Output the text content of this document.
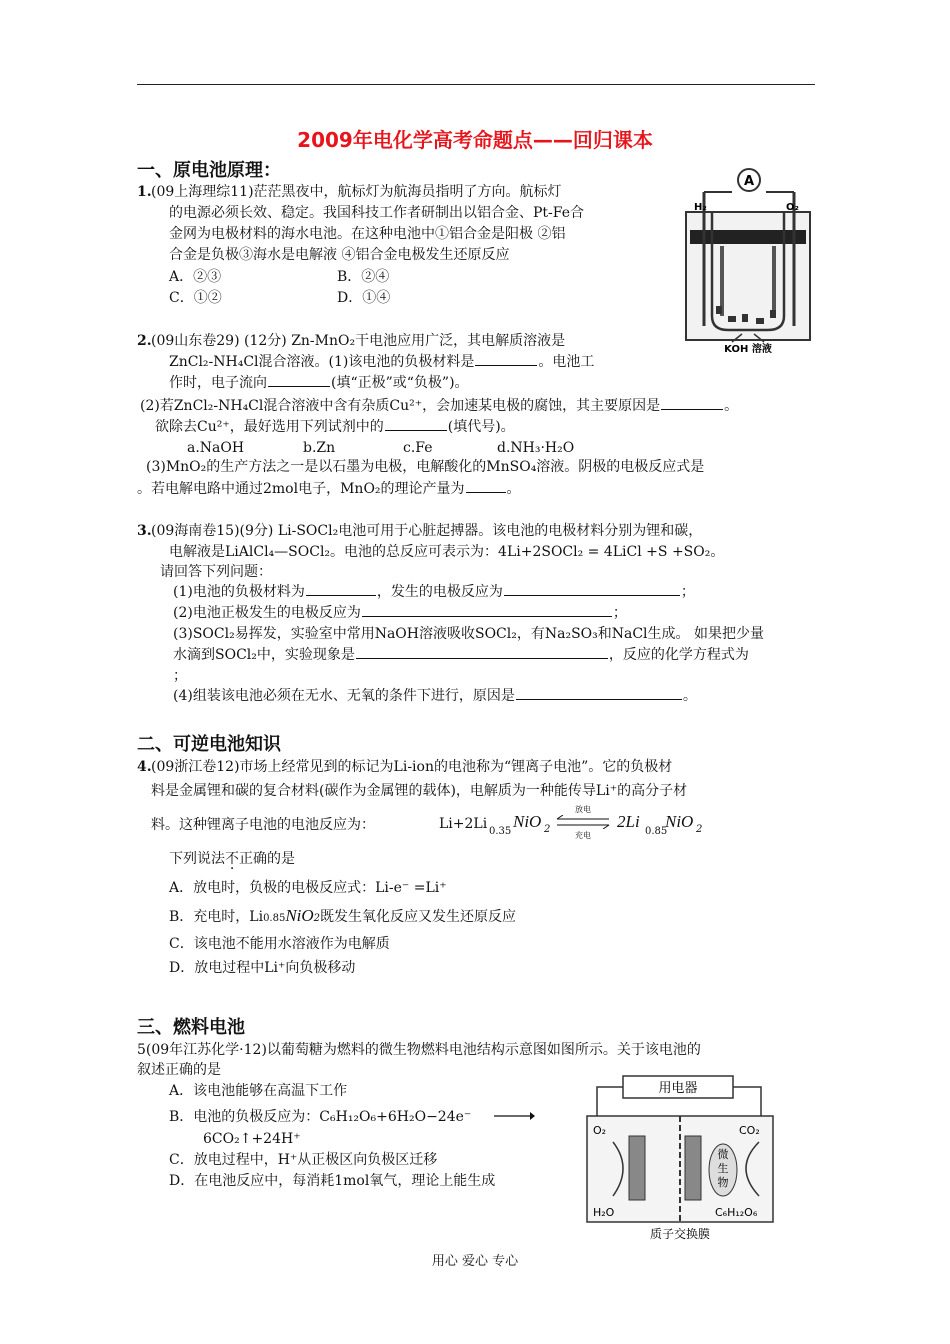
2009年电化学高考命题点——回归课本
一、原电池原理：
1. (09上海理综11)茫茫黑夜中，航标灯为航海员指明了方向。航标灯
的电源必须长效、稳定。我国科技工作者研制出以铝合金、Pt-Fe合
金网为电极材料的海水电池。在这种电池中①铝合金是阳极 ②铝
合金是负极③海水是电解液 ④铝合金电极发生还原反应
A．②③	B．②④
C．①②	D．①④
A
H₂	O₂
KOH 溶液
2. (09山东卷29) (12分) Zn-MnO₂干电池应用广泛，其电解质溶液是
ZnCl₂-NH₄Cl混合溶液。(1)该电池的负极材料是	。电池工
作时，电子流向	(填“正极”或“负极”)。
(2)若ZnCl₂-NH₄Cl混合溶液中含有杂质Cu²⁺，会加速某电极的腐蚀，其主要原因是	。
欲除去Cu²⁺，最好选用下列试剂中的	(填代号)。
a.NaOH	b.Zn	c.Fe	d.NH₃·H₂O
(3)MnO₂的生产方法之一是以石墨为电极，电解酸化的MnSO₄溶液。阴极的电极反应式是
。若电解电路中通过2mol电子，MnO₂的理论产量为	。
3. (09海南卷15)(9分) Li-SOCl₂电池可用于心脏起搏器。该电池的电极材料分别为锂和碳，
电解液是LiAlCl₄—SOCl₂。电池的总反应可表示为：4Li+2SOCl₂ = 4LiCl +S +SO₂。
请回答下列问题：
(1)电池的负极材料为	，发生的电极反应为	；
(2)电池正极发生的电极反应为	；
(3)SOCl₂易挥发，实验室中常用NaOH溶液吸收SOCl₂，有Na₂SO₃和NaCl生成。 如果把少量
水滴到SOCl₂中，实验现象是	，反应的化学方程式为
；
(4)组装该电池必须在无水、无氧的条件下进行，原因是	。
二、可逆电池知识
4. (09浙江卷12)市场上经常见到的标记为Li-ion的电池称为“锂离子电池”。它的负极材
料是金属锂和碳的复合材料(碳作为金属锂的载体)，电解质为一种能传导Li⁺的高分子材
料。这种锂离子电池的电池反应为：	Li+2Li 0.35
NiO 2
放电
充电
2Li
0.85
NiO 2
下列说法不正确的是
A．放电时，负极的电极反应式：Li-e⁻ =Li⁺
B．充电时，Li0.85NiO2既发生氧化反应又发生还原反应
C．该电池不能用水溶液作为电解质
D．放电过程中Li⁺向负极移动
三、燃料电池
5(09年江苏化学·12)以葡萄糖为燃料的微生物燃料电池结构示意图如图所示。关于该电池的
叙述正确的是
A．该电池能够在高温下工作
B．电池的负极反应为：C₆H₁₂O₆+6H₂O−24e⁻
6CO₂↑+24H⁺
C．放电过程中，H⁺从正极区向负极区迁移
D．在电池反应中，每消耗1mol氧气，理论上能生成
用电器
微
生
物
O₂	CO₂
H₂O	C₆H₁₂O₆
质子交换膜
用心 爱心 专心
